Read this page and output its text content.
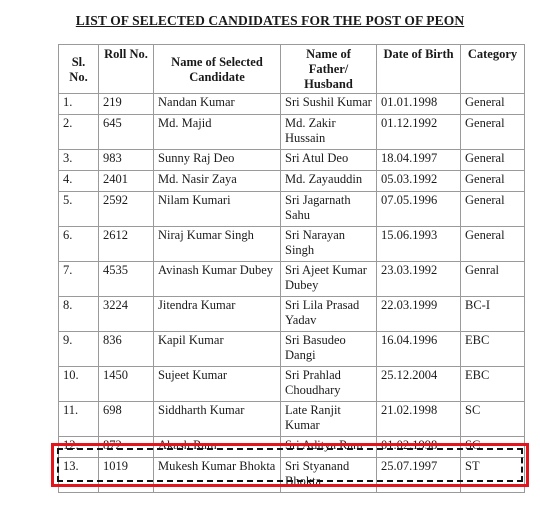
LIST OF SELECTED CANDIDATES FOR THE POST OF PEON
Sl. No.	Roll No.	Name of Selected Candidate	Name of Father/ Husband	Date of Birth	Category
1.	219	Nandan Kumar	Sri Sushil Kumar	01.01.1998	General
2.	645	Md. Majid	Md. Zakir Hussain	01.12.1992	General
3.	983	Sunny Raj Deo	Sri Atul Deo	18.04.1997	General
4.	2401	Md. Nasir Zaya	Md. Zayauddin	05.03.1992	General
5.	2592	Nilam Kumari	Sri Jagarnath Sahu	07.05.1996	General
6.	2612	Niraj Kumar Singh	Sri Narayan Singh	15.06.1993	General
7.	4535	Avinash Kumar Dubey	Sri Ajeet Kumar Dubey	23.03.1992	Genral
8.	3224	Jitendra Kumar	Sri Lila Prasad Yadav	22.03.1999	BC-I
9.	836	Kapil Kumar	Sri Basudeo Dangi	16.04.1996	EBC
10.	1450	Sujeet Kumar	Sri Prahlad Choudhary	25.12.2004	EBC
11.	698	Siddharth Kumar	Late Ranjit Kumar	21.02.1998	SC
12.	872	Akash Ram	Sri Aditya Ram	01.02.1998	SC
13.	1019	Mukesh Kumar Bhokta	Sri Styanand Bhokta	25.07.1997	ST
